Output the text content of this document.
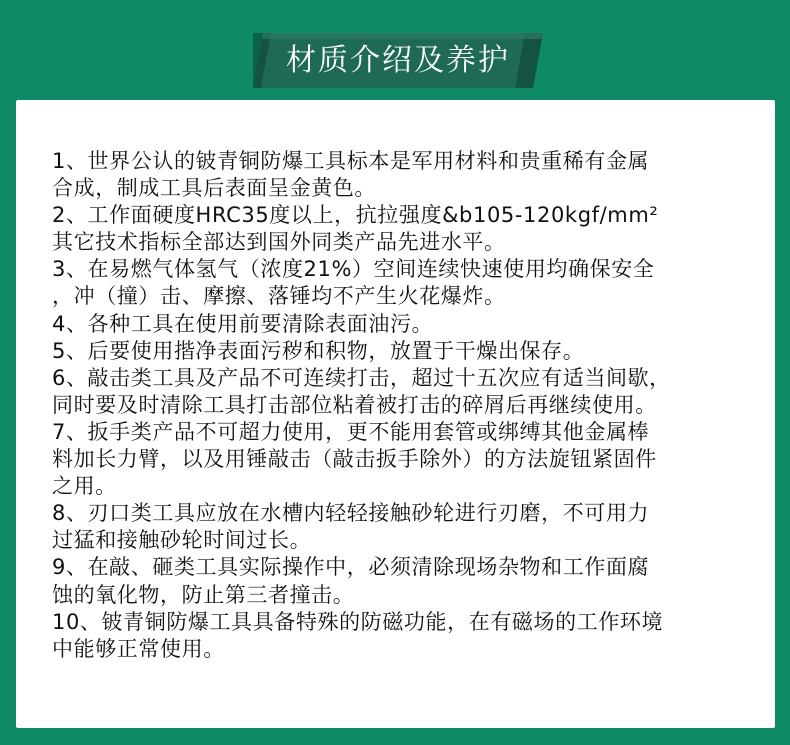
材质介绍及养护
1、世界公认的铍青铜防爆工具标本是军用材料和贵重稀有金属
合成，制成工具后表面呈金黄色。
2、工作面硬度HRC35度以上，抗拉强度&b105-120kgf/mm²
其它技术指标全部达到国外同类产品先进水平。
3、在易燃气体氢气（浓度21%）空间连续快速使用均确保安全
，冲（撞）击、摩擦、落锤均不产生火花爆炸。
4、各种工具在使用前要清除表面油污。
5、后要使用揩净表面污秽和积物，放置于干燥出保存。
6、敲击类工具及产品不可连续打击，超过十五次应有适当间歇，
同时要及时清除工具打击部位粘着被打击的碎屑后再继续使用。
7、扳手类产品不可超力使用，更不能用套管或绑缚其他金属棒
料加长力臂，以及用锤敲击（敲击扳手除外）的方法旋钮紧固件
之用。
8、刃口类工具应放在水槽内轻轻接触砂轮进行刃磨，不可用力
过猛和接触砂轮时间过长。
9、在敲、砸类工具实际操作中，必须清除现场杂物和工作面腐
蚀的氧化物，防止第三者撞击。
10、铍青铜防爆工具具备特殊的防磁功能，在有磁场的工作环境
中能够正常使用。
